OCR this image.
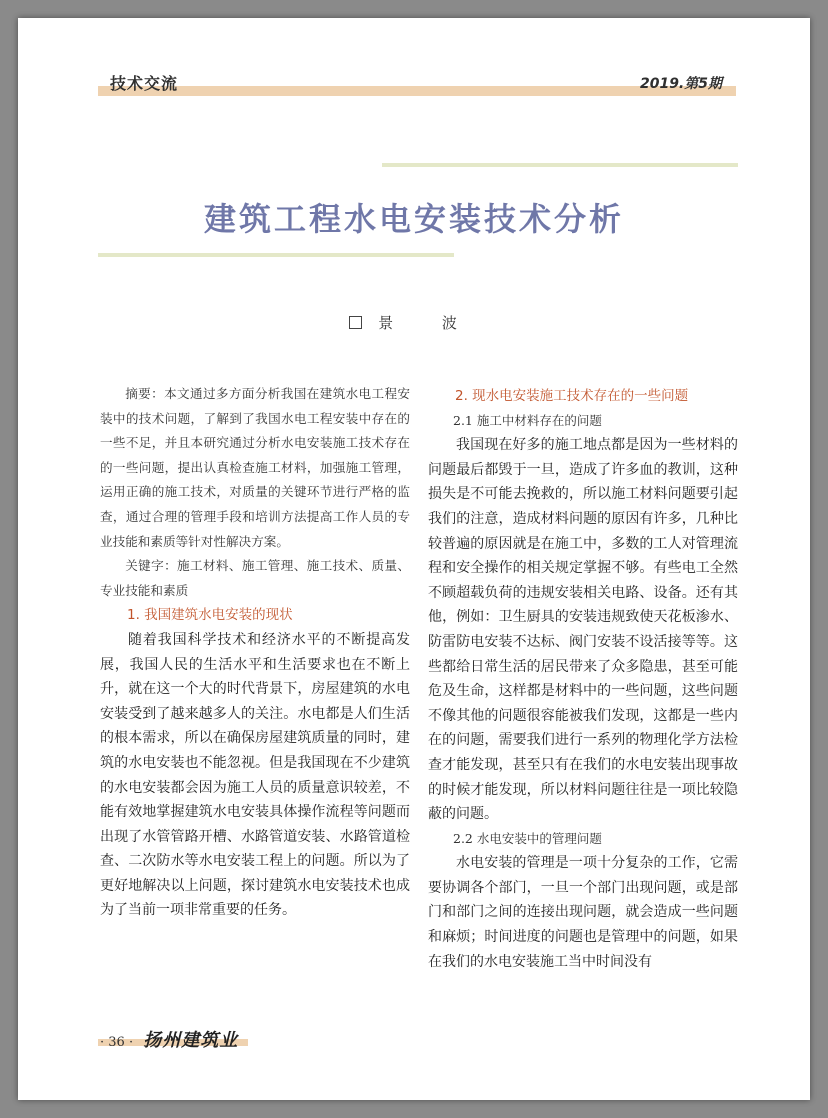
技术交流	2019.第5期
建筑工程水电安装技术分析
景 波

摘要：本文通过多方面分析我国在建筑水电工程安装中的技术问题，了解到了我国水电工程安装中存在的一些不足，并且本研究通过分析水电安装施工技术存在的一些问题，提出认真检查施工材料，加强施工管理，运用正确的施工技术，对质量的关键环节进行严格的监查，通过合理的管理手段和培训方法提高工作人员的专业技能和素质等针对性解决方案。

关键字：施工材料、施工管理、施工技术、质量、专业技能和素质

1. 我国建筑水电安装的现状

随着我国科学技术和经济水平的不断提高发展，我国人民的生活水平和生活要求也在不断上升，就在这一个大的时代背景下，房屋建筑的水电安装受到了越来越多人的关注。水电都是人们生活的根本需求，所以在确保房屋建筑质量的同时，建筑的水电安装也不能忽视。但是我国现在不少建筑的水电安装都会因为施工人员的质量意识较差，不能有效地掌握建筑水电安装具体操作流程等问题而出现了水管管路开槽、水路管道安装、水路管道检查、二次防水等水电安装工程上的问题。所以为了更好地解决以上问题，探讨建筑水电安装技术也成为了当前一项非常重要的任务。

2. 现水电安装施工技术存在的一些问题

2.1 施工中材料存在的问题

我国现在好多的施工地点都是因为一些材料的问题最后都毁于一旦，造成了许多血的教训，这种损失是不可能去挽救的，所以施工材料问题要引起我们的注意，造成材料问题的原因有许多，几种比较普遍的原因就是在施工中，多数的工人对管理流程和安全操作的相关规定掌握不够。有些电工全然不顾超载负荷的违规安装相关电路、设备。还有其他，例如：卫生厨具的安装违规致使天花板渗水、防雷防电安装不达标、阀门安装不设活接等等。这些都给日常生活的居民带来了众多隐患，甚至可能危及生命，这样都是材料中的一些问题，这些问题不像其他的问题很容能被我们发现，这都是一些内在的问题，需要我们进行一系列的物理化学方法检查才能发现，甚至只有在我们的水电安装出现事故的时候才能发现，所以材料问题往往是一项比较隐蔽的问题。

2.2 水电安装中的管理问题

水电安装的管理是一项十分复杂的工作，它需要协调各个部门，一旦一个部门出现问题，或是部门和部门之间的连接出现问题，就会造成一些问题和麻烦；时间进度的问题也是管理中的问题，如果在我们的水电安装施工当中时间没有

· 36 · 扬州建筑业
